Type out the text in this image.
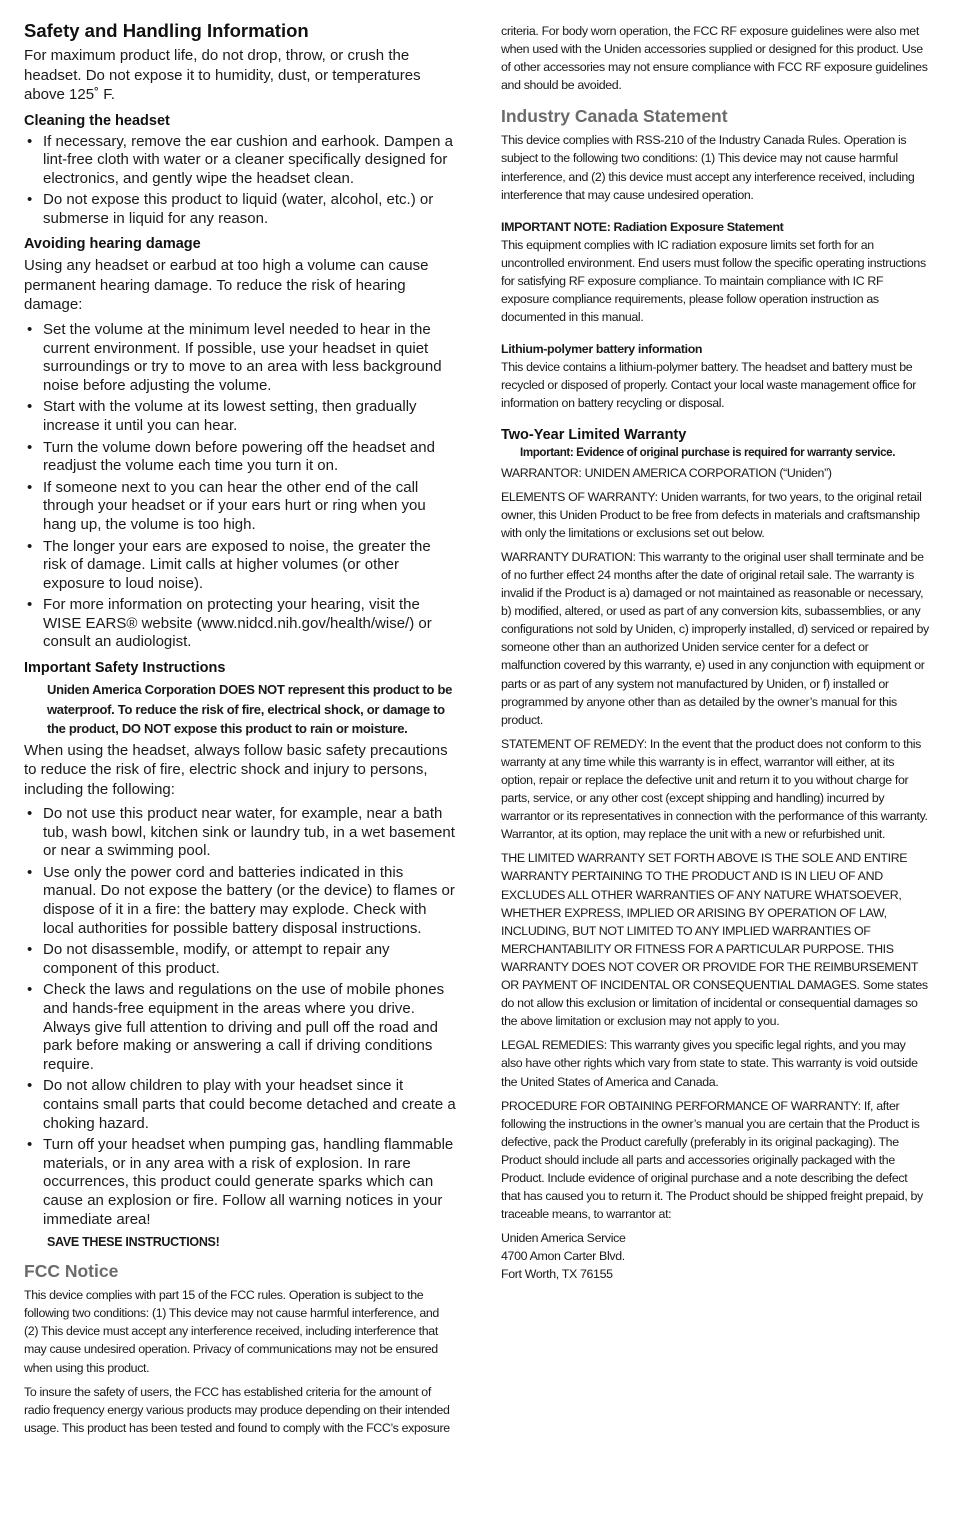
Safety and Handling Information

For maximum product life, do not drop, throw, or crush the headset. Do not expose it to humidity, dust, or temperatures above 125˚ F.

Cleaning the headset
• If necessary, remove the ear cushion and earhook. Dampen a lint-free cloth with water or a cleaner specifically designed for electronics, and gently wipe the headset clean.
• Do not expose this product to liquid (water, alcohol, etc.) or submerse in liquid for any reason.
Avoiding hearing damage

Using any headset or earbud at too high a volume can cause permanent hearing damage. To reduce the risk of hearing damage:

• Set the volume at the minimum level needed to hear in the current environment. If possible, use your headset in quiet surroundings or try to move to an area with less background noise before adjusting the volume.
• Start with the volume at its lowest setting, then gradually increase it until you can hear.
• Turn the volume down before powering off the headset and readjust the volume each time you turn it on.
• If someone next to you can hear the other end of the call through your headset or if your ears hurt or ring when you hang up, the volume is too high.
• The longer your ears are exposed to noise, the greater the risk of damage. Limit calls at higher volumes (or other exposure to loud noise).
• For more information on protecting your hearing, visit the WISE EARS® website (www.nidcd.nih.gov/health/wise/) or consult an audiologist.
Important Safety Instructions

Uniden America Corporation DOES NOT represent this product to be waterproof. To reduce the risk of fire, electrical shock, or damage to the product, DO NOT expose this product to rain or moisture.

When using the headset, always follow basic safety precautions to reduce the risk of fire, electric shock and injury to persons, including the following:

• Do not use this product near water, for example, near a bath tub, wash bowl, kitchen sink or laundry tub, in a wet basement or near a swimming pool.
• Use only the power cord and batteries indicated in this manual. Do not expose the battery (or the device) to flames or dispose of it in a fire: the battery may explode. Check with local authorities for possible battery disposal instructions.
• Do not disassemble, modify, or attempt to repair any component of this product.
• Check the laws and regulations on the use of mobile phones and hands-free equipment in the areas where you drive. Always give full attention to driving and pull off the road and park before making or answering a call if driving conditions require.
• Do not allow children to play with your headset since it contains small parts that could become detached and create a choking hazard.
• Turn off your headset when pumping gas, handling flammable materials, or in any area with a risk of explosion. In rare occurrences, this product could generate sparks which can cause an explosion or fire. Follow all warning notices in your immediate area!

SAVE THESE INSTRUCTIONS!

FCC Notice

This device complies with part 15 of the FCC rules. Operation is subject to the following two conditions: (1) This device may not cause harmful interference, and (2) This device must accept any interference received, including interference that may cause undesired operation. Privacy of communications may not be ensured when using this product.

To insure the safety of users, the FCC has established criteria for the amount of radio frequency energy various products may produce depending on their intended usage. This product has been tested and found to comply with the FCC’s exposure

criteria. For body worn operation, the FCC RF exposure guidelines were also met when used with the Uniden accessories supplied or designed for this product. Use of other accessories may not ensure compliance with FCC RF exposure guidelines and should be avoided.

Industry Canada Statement

This device complies with RSS-210 of the Industry Canada Rules. Operation is subject to the following two conditions: (1) This device may not cause harmful interference, and (2) this device must accept any interference received, including interference that may cause undesired operation.

IMPORTANT NOTE: Radiation Exposure Statement

This equipment complies with IC radiation exposure limits set forth for an uncontrolled environment. End users must follow the specific operating instructions for satisfying RF exposure compliance. To maintain compliance with IC RF exposure compliance requirements, please follow operation instruction as documented in this manual.

Lithium-polymer battery information

This device contains a lithium-polymer battery. The headset and battery must be recycled or disposed of properly. Contact your local waste management office for information on battery recycling or disposal.

Two-Year Limited Warranty

Important: Evidence of original purchase is required for warranty service.

WARRANTOR: UNIDEN AMERICA CORPORATION (“Uniden”)

ELEMENTS OF WARRANTY: Uniden warrants, for two years, to the original retail owner, this Uniden Product to be free from defects in materials and craftsmanship with only the limitations or exclusions set out below.

WARRANTY DURATION: This warranty to the original user shall terminate and be of no further effect 24 months after the date of original retail sale. The warranty is invalid if the Product is a) damaged or not maintained as reasonable or necessary, b) modified, altered, or used as part of any conversion kits, subassemblies, or any configurations not sold by Uniden, c) improperly installed, d) serviced or repaired by someone other than an authorized Uniden service center for a defect or malfunction covered by this warranty, e) used in any conjunction with equipment or parts or as part of any system not manufactured by Uniden, or f) installed or programmed by anyone other than as detailed by the owner’s manual for this product.

STATEMENT OF REMEDY: In the event that the product does not conform to this warranty at any time while this warranty is in effect, warrantor will either, at its option, repair or replace the defective unit and return it to you without charge for parts, service, or any other cost (except shipping and handling) incurred by warrantor or its representatives in connection with the performance of this warranty. Warrantor, at its option, may replace the unit with a new or refurbished unit.

THE LIMITED WARRANTY SET FORTH ABOVE IS THE SOLE AND ENTIRE WARRANTY PERTAINING TO THE PRODUCT AND IS IN LIEU OF AND EXCLUDES ALL OTHER WARRANTIES OF ANY NATURE WHATSOEVER, WHETHER EXPRESS, IMPLIED OR ARISING BY OPERATION OF LAW, INCLUDING, BUT NOT LIMITED TO ANY IMPLIED WARRANTIES OF MERCHANTABILITY OR FITNESS FOR A PARTICULAR PURPOSE. THIS WARRANTY DOES NOT COVER OR PROVIDE FOR THE REIMBURSEMENT OR PAYMENT OF INCIDENTAL OR CONSEQUENTIAL DAMAGES. Some states do not allow this exclusion or limitation of incidental or consequential damages so the above limitation or exclusion may not apply to you.

LEGAL REMEDIES: This warranty gives you specific legal rights, and you may also have other rights which vary from state to state. This warranty is void outside the United States of America and Canada.

PROCEDURE FOR OBTAINING PERFORMANCE OF WARRANTY: If, after following the instructions in the owner’s manual you are certain that the Product is defective, pack the Product carefully (preferably in its original packaging). The Product should include all parts and accessories originally packaged with the Product. Include evidence of original purchase and a note describing the defect that has caused you to return it. The Product should be shipped freight prepaid, by traceable means, to warrantor at:

Uniden America Service
4700 Amon Carter Blvd.
Fort Worth, TX 76155
